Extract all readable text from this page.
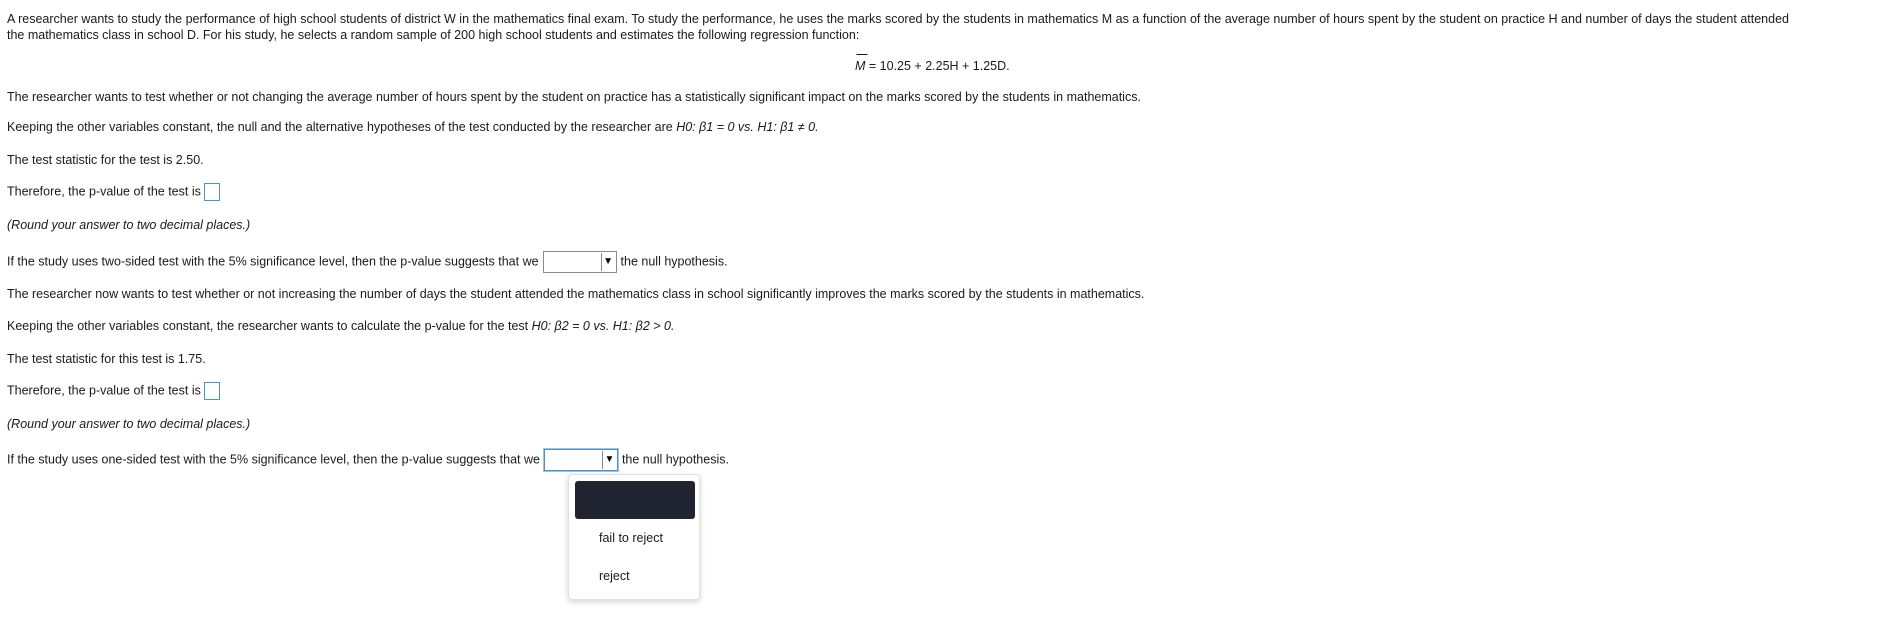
A researcher wants to study the performance of high school students of district W in the mathematics final exam. To study the performance, he uses the marks scored by the students in mathematics M as a function of the average number of hours spent by the student on practice H and number of days the student attended
the mathematics class in school D. For his study, he selects a random sample of 200 high school students and estimates the following regression function:
M = 10.25 + 2.25H + 1.25D.
The researcher wants to test whether or not changing the average number of hours spent by the student on practice has a statistically significant impact on the marks scored by the students in mathematics.
Keeping the other variables constant, the null and the alternative hypotheses of the test conducted by the researcher are H0: β1 = 0 vs. H1: β1 ≠ 0.
The test statistic for the test is 2.50.
Therefore, the p-value of the test is
(Round your answer to two decimal places.)
If the study uses two-sided test with the 5% significance level, then the p-value suggests that we	▼ the null hypothesis.
The researcher now wants to test whether or not increasing the number of days the student attended the mathematics class in school significantly improves the marks scored by the students in mathematics.
Keeping the other variables constant, the researcher wants to calculate the p-value for the test H0: β2 = 0 vs. H1: β2 > 0.
The test statistic for this test is 1.75.
Therefore, the p-value of the test is
(Round your answer to two decimal places.)
If the study uses one-sided test with the 5% significance level, then the p-value suggests that we	▼ the null hypothesis.
fail to reject
reject
